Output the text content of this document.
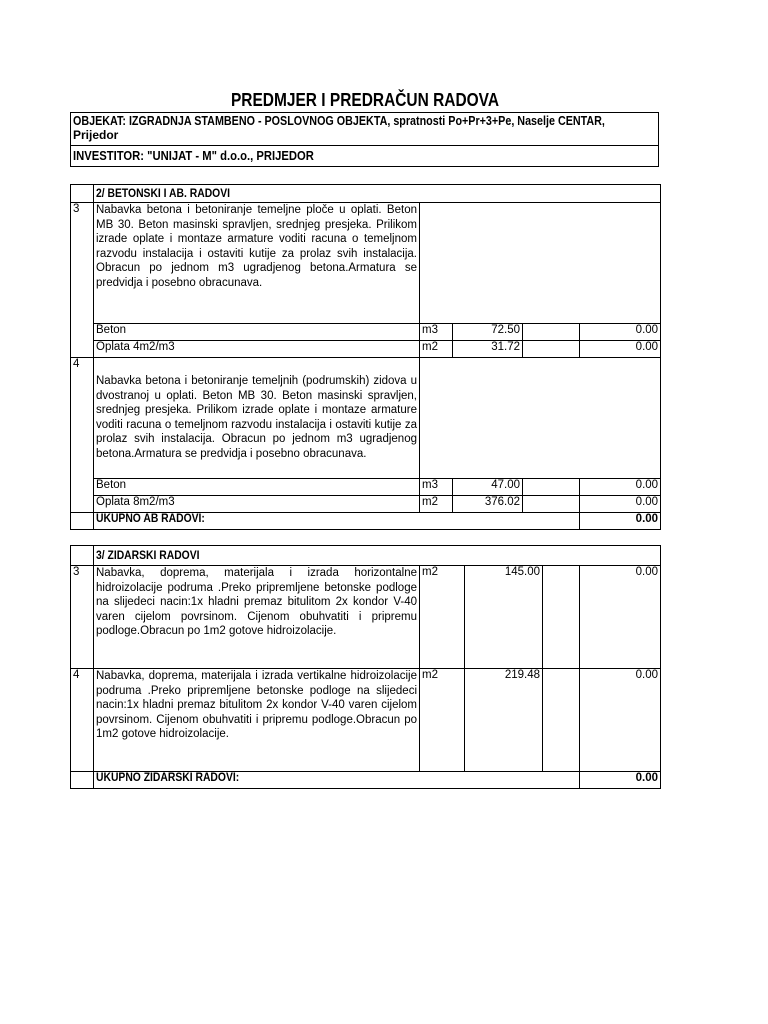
PREDMJER I PREDRAČUN RADOVA
OBJEKAT: IZGRADNJA STAMBENO - POSLOVNOG OBJEKTA, spratnosti Po+Pr+3+Pe, Naselje CENTAR,
Prijedor
INVESTITOR: "UNIJAT - M" d.o.o., PRIJEDOR
	2/ BETONSKI I AB. RADOVI				
3	Nabavka betona i betoniranje temeljne ploče u oplati. Beton MB 30. Beton masinski spravljen, srednjeg presjeka. Prilikom izrade oplate i montaze armature voditi racuna o temeljnom razvodu instalacija i ostaviti kutije za prolaz svih instalacija. Obracun po jednom m3 ugradjenog betona.Armatura se predvidja i posebno obracunava.				
	Beton	m3	72.50		0.00
	Oplata 4m2/m3	m2	31.72		0.00
4	Nabavka betona i betoniranje temeljnih (podrumskih) zidova u dvostranoj u oplati. Beton MB 30. Beton masinski spravljen, srednjeg presjeka. Prilikom izrade oplate i montaze armature voditi racuna o temeljnom razvodu instalacija i ostaviti kutije za prolaz svih instalacija. Obracun po jednom m3 ugradjenog betona.Armatura se predvidja i posebno obracunava.				
	Beton	m3	47.00		0.00
	Oplata 8m2/m3	m2	376.02		0.00
	UKUPNO AB RADOVI:				0.00
	3/ ZIDARSKI RADOVI				
3	Nabavka, doprema, materijala i izrada horizontalne hidroizolacije podruma .Preko pripremljene betonske podloge na slijedeci nacin:1x hladni premaz bitulitom 2x kondor V-40 varen cijelom povrsinom. Cijenom obuhvatiti i pripremu podloge.Obracun po 1m2 gotove hidroizolacije.	m2	145.00		0.00
4	Nabavka, doprema, materijala i izrada vertikalne hidroizolacije podruma .Preko pripremljene betonske podloge na slijedeci nacin:1x hladni premaz bitulitom 2x kondor V-40 varen cijelom povrsinom. Cijenom obuhvatiti i pripremu podloge.Obracun po 1m2 gotove hidroizolacije.	m2	219.48		0.00
	UKUPNO ZIDARSKI RADOVI:				0.00
